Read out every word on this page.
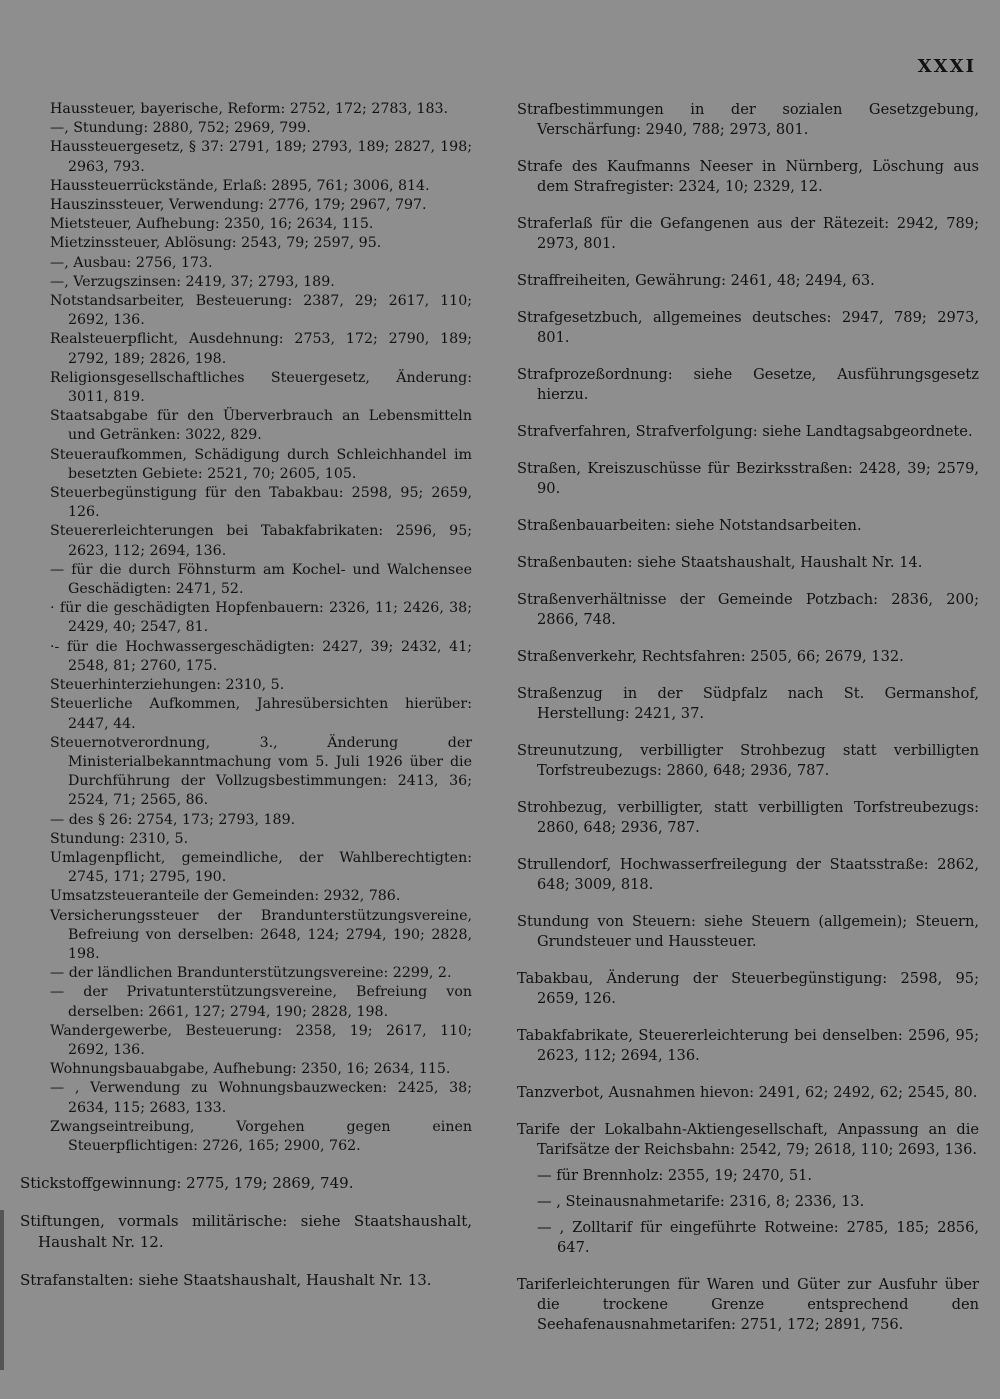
XXXI

Haussteuer, bayerische, Reform: 2752, 172; 2783, 183.

—, Stundung: 2880, 752; 2969, 799.

Haussteuergesetz, § 37: 2791, 189; 2793, 189; 2827, 198; 2963, 793.

Haussteuerrückstände, Erlaß: 2895, 761; 3006, 814.

Hauszinssteuer, Verwendung: 2776, 179; 2967, 797.

Mietsteuer, Aufhebung: 2350, 16; 2634, 115.

Mietzinssteuer, Ablösung: 2543, 79; 2597, 95.

—, Ausbau: 2756, 173.

—, Verzugszinsen: 2419, 37; 2793, 189.

Notstandsarbeiter, Besteuerung: 2387, 29; 2617, 110; 2692, 136.

Realsteuerpflicht, Ausdehnung: 2753, 172; 2790, 189; 2792, 189; 2826, 198.

Religionsgesellschaftliches Steuergesetz, Änderung: 3011, 819.

Staatsabgabe für den Überverbrauch an Lebensmitteln und Getränken: 3022, 829.

Steueraufkommen, Schädigung durch Schleichhandel im besetzten Gebiete: 2521, 70; 2605, 105.

Steuerbegünstigung für den Tabakbau: 2598, 95; 2659, 126.

Steuererleichterungen bei Tabakfabrikaten: 2596, 95; 2623, 112; 2694, 136.

— für die durch Föhnsturm am Kochel- und Walchensee Geschädigten: 2471, 52.

· für die geschädigten Hopfenbauern: 2326, 11; 2426, 38; 2429, 40; 2547, 81.

·- für die Hochwassergeschädigten: 2427, 39; 2432, 41; 2548, 81; 2760, 175.

Steuerhinterziehungen: 2310, 5.

Steuerliche Aufkommen, Jahresübersichten hierüber: 2447, 44.

Steuernotverordnung, 3., Änderung der Ministerialbekanntmachung vom 5. Juli 1926 über die Durchführung der Vollzugsbestimmungen: 2413, 36; 2524, 71; 2565, 86.

— des § 26: 2754, 173; 2793, 189.

Stundung: 2310, 5.

Umlagenpflicht, gemeindliche, der Wahlberechtigten: 2745, 171; 2795, 190.

Umsatzsteueranteile der Gemeinden: 2932, 786.

Versicherungssteuer der Brandunterstützungsvereine, Befreiung von derselben: 2648, 124; 2794, 190; 2828, 198.

— der ländlichen Brandunterstützungsvereine: 2299, 2.

— der Privatunterstützungsvereine, Befreiung von derselben: 2661, 127; 2794, 190; 2828, 198.

Wandergewerbe, Besteuerung: 2358, 19; 2617, 110; 2692, 136.

Wohnungsbauabgabe, Aufhebung: 2350, 16; 2634, 115.

— , Verwendung zu Wohnungsbauzwecken: 2425, 38; 2634, 115; 2683, 133.

Zwangseintreibung, Vorgehen gegen einen Steuerpflichtigen: 2726, 165; 2900, 762.

Stickstoffgewinnung: 2775, 179; 2869, 749.

Stiftungen, vormals militärische: siehe Staatshaushalt, Haushalt Nr. 12.

Strafanstalten: siehe Staatshaushalt, Haushalt Nr. 13.

Strafbestimmungen in der sozialen Gesetzgebung, Verschärfung: 2940, 788; 2973, 801.

Strafe des Kaufmanns Neeser in Nürnberg, Löschung aus dem Strafregister: 2324, 10; 2329, 12.

Straferlaß für die Gefangenen aus der Rätezeit: 2942, 789; 2973, 801.

Straffreiheiten, Gewährung: 2461, 48; 2494, 63.

Strafgesetzbuch, allgemeines deutsches: 2947, 789; 2973, 801.

Strafprozeßordnung: siehe Gesetze, Ausführungsgesetz hierzu.

Strafverfahren, Strafverfolgung: siehe Landtagsabgeordnete.

Straßen, Kreiszuschüsse für Bezirksstraßen: 2428, 39; 2579, 90.

Straßenbauarbeiten: siehe Notstandsarbeiten.

Straßenbauten: siehe Staatshaushalt, Haushalt Nr. 14.

Straßenverhältnisse der Gemeinde Potzbach: 2836, 200; 2866, 748.

Straßenverkehr, Rechtsfahren: 2505, 66; 2679, 132.

Straßenzug in der Südpfalz nach St. Germanshof, Herstellung: 2421, 37.

Streunutzung, verbilligter Strohbezug statt verbilligten Torfstreubezugs: 2860, 648; 2936, 787.

Strohbezug, verbilligter, statt verbilligten Torfstreubezugs: 2860, 648; 2936, 787.

Strullendorf, Hochwasserfreilegung der Staatsstraße: 2862, 648; 3009, 818.

Stundung von Steuern: siehe Steuern (allgemein); Steuern, Grundsteuer und Haussteuer.

Tabakbau, Änderung der Steuerbegünstigung: 2598, 95; 2659, 126.

Tabakfabrikate, Steuererleichterung bei denselben: 2596, 95; 2623, 112; 2694, 136.

Tanzverbot, Ausnahmen hievon: 2491, 62; 2492, 62; 2545, 80.

Tarife der Lokalbahn-Aktiengesellschaft, Anpassung an die Tarifsätze der Reichsbahn: 2542, 79; 2618, 110; 2693, 136.

— für Brennholz: 2355, 19; 2470, 51.

— , Steinausnahmetarife: 2316, 8; 2336, 13.

— , Zolltarif für eingeführte Rotweine: 2785, 185; 2856, 647.

Tariferleichterungen für Waren und Güter zur Ausfuhr über die trockene Grenze entsprechend den Seehafenausnahmetarifen: 2751, 172; 2891, 756.
